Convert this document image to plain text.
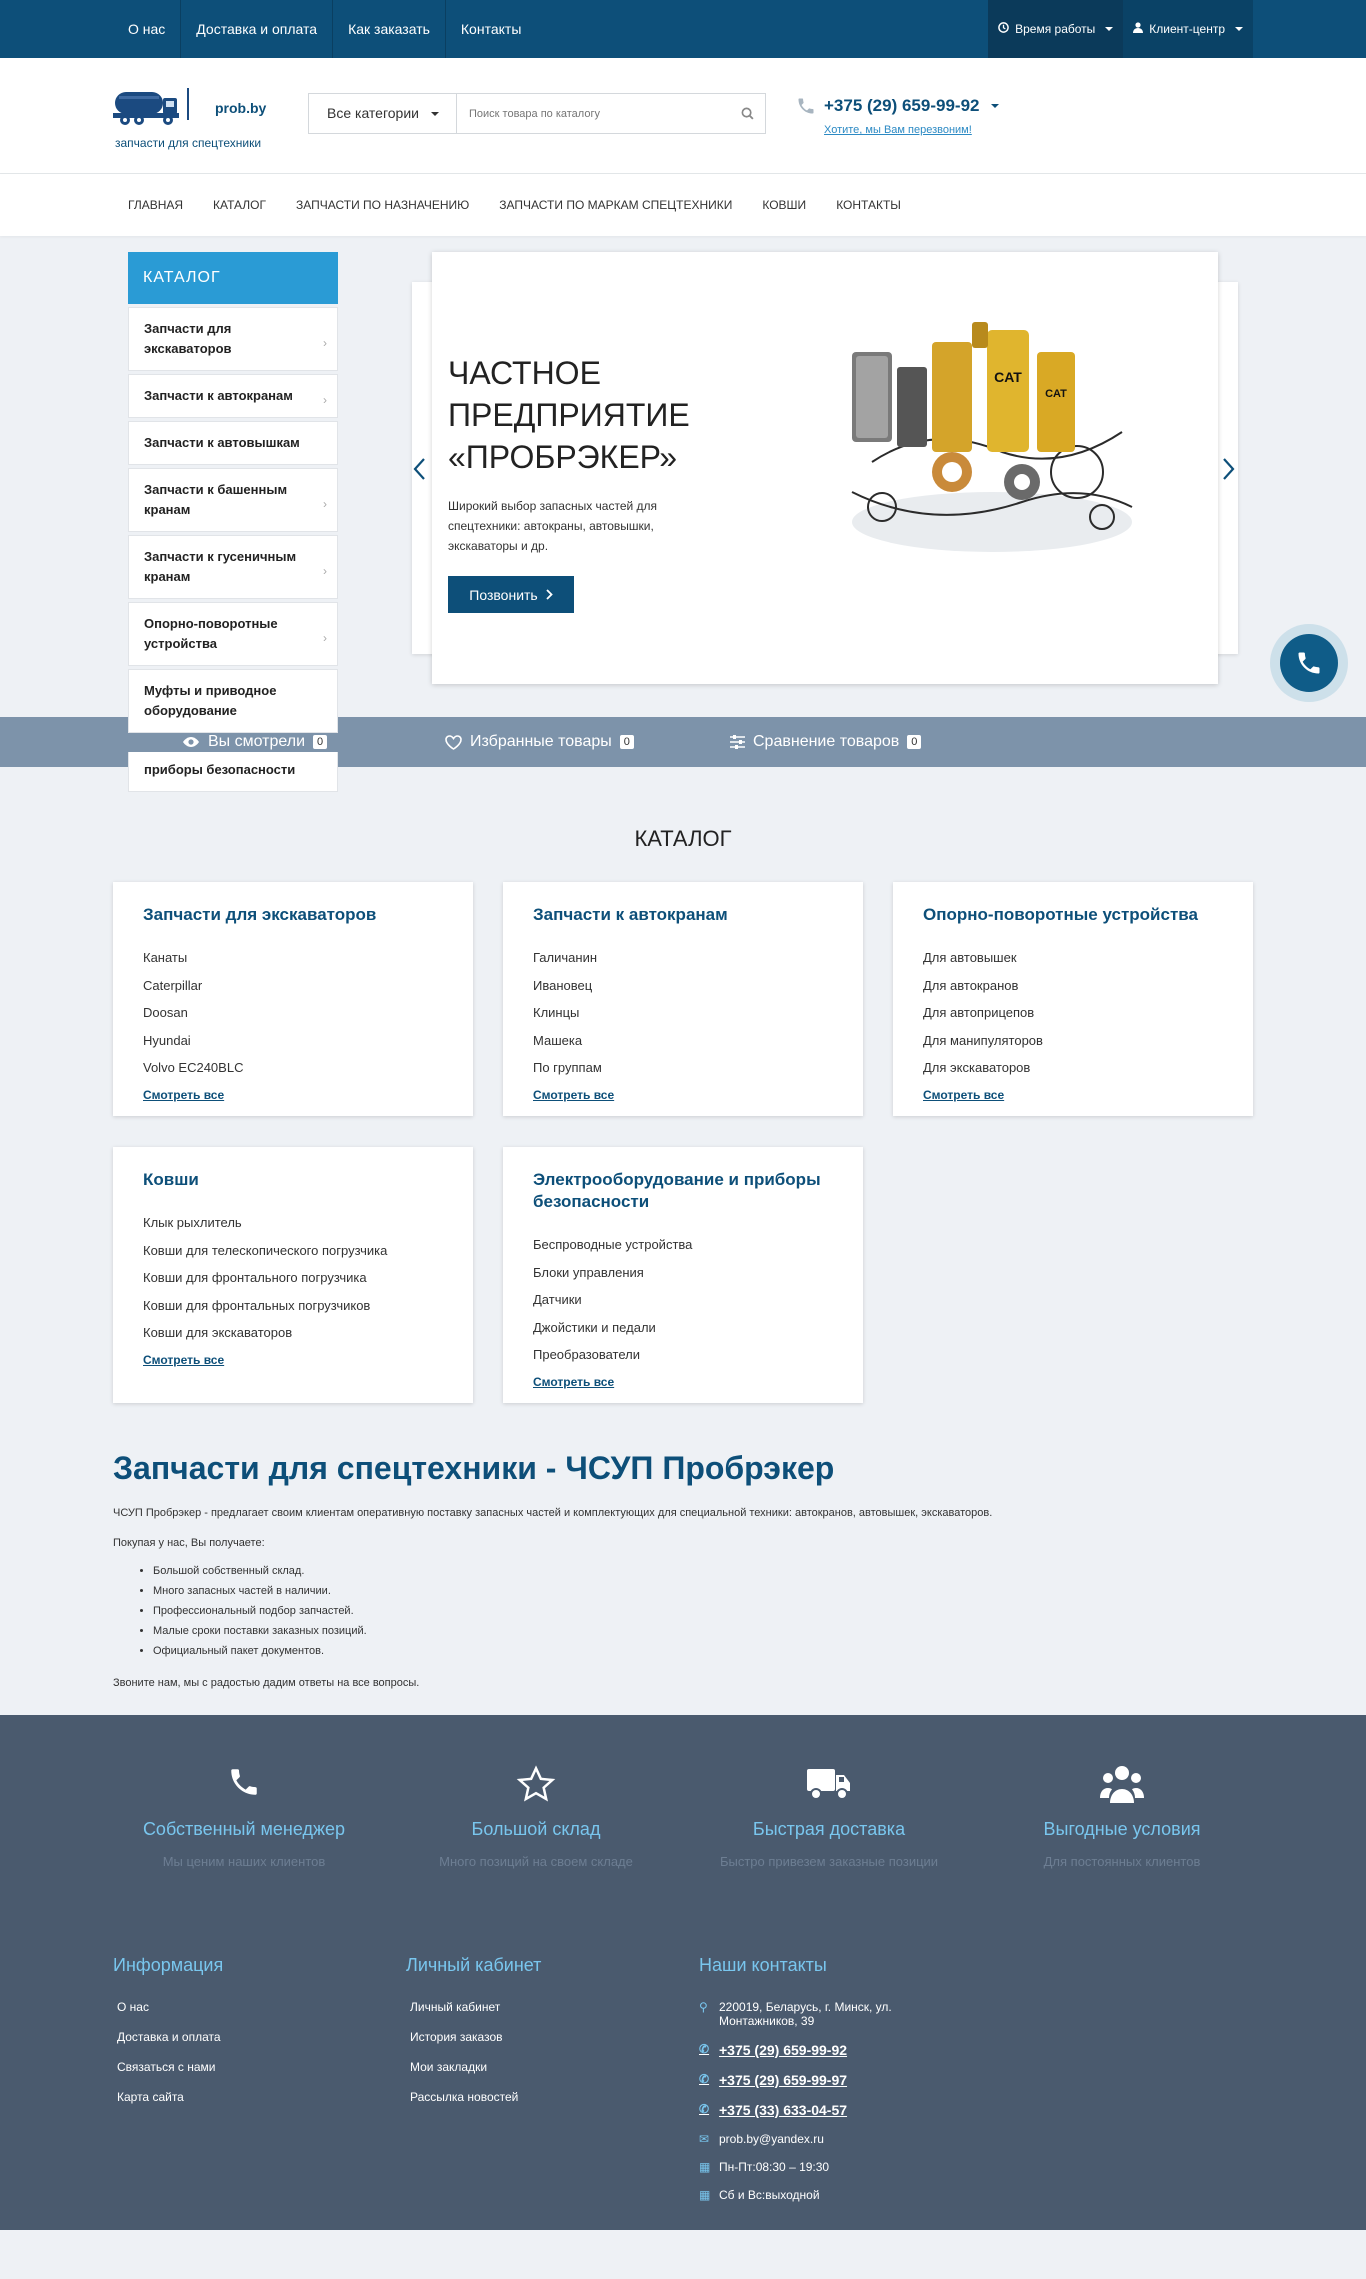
О нас	Доставка и оплата	Как заказать	Контакты	Время работы	Клиент-центр
prob.by
запчасти для спецтехники
Все категории
Поиск товара по каталогу	+375 (29) 659-99-92
Хотите, мы Вам перезвоним!
ГЛАВНАЯ	КАТАЛОГ	ЗАПЧАСТИ ПО НАЗНАЧЕНИЮ	ЗАПЧАСТИ ПО МАРКАМ СПЕЦТЕХНИКИ	КОВШИ	КОНТАКТЫ
ЧАСТНОЕ ПРЕДПРИЯТИЕ «ПРОБРЭКЕР»

Широкий выбор запасных частей для спецтехники: автокраны, автовышки, экскаваторы и др.

Позвонить
CAT
CAT
Вы смотрели	0	Избранные товары	0	Сравнение товаров	0
КАТАЛОГ
Запчасти для экскаваторов	›
Запчасти к автокранам	›
Запчасти к автовышкам
Запчасти к башенным кранам	›
Запчасти к гусеничным кранам	›
Опорно-поворотные устройства	›
Муфты и приводное оборудование
приборы безопасности
КАТАЛОГ
Запчасти для экскаваторов
Канаты
Caterpillar
Doosan
Hyundai
Volvo EC240BLC
Смотреть все
Запчасти к автокранам
Галичанин
Ивановец
Клинцы
Машека
По группам
Смотреть все
Опорно-поворотные устройства
Для автовышек
Для автокранов
Для автоприцепов
Для манипуляторов
Для экскаваторов
Смотреть все
Ковши
Клык рыхлитель
Ковши для телескопического погрузчика
Ковши для фронтального погрузчика
Ковши для фронтальных погрузчиков
Ковши для экскаваторов
Смотреть все
Электрооборудование и приборы безопасности
Беспроводные устройства
Блоки управления
Датчики
Джойстики и педали
Преобразователи
Смотреть все
Запчасти для спецтехники - ЧСУП Пробрэкер

ЧСУП Пробрэкер - предлагает своим клиентам оперативную поставку запасных частей и комплектующих для специальной техники: автокранов, автовышек, экскаваторов.

Покупая у нас, Вы получаете:

• Большой собственный склад.
• Много запасных частей в наличии.
• Профессиональный подбор запчастей.
• Малые сроки поставки заказных позиций.
• Официальный пакет документов.

Звоните нам, мы с радостью дадим ответы на все вопросы.

Собственный менеджер
Мы ценим наших клиентов
Большой склад
Много позиций на своем складе
Быстрая доставка
Быстро привезем заказные позиции
Выгодные условия
Для постоянных клиентов
Информация
О нас
Доставка и оплата
Связаться с нами
Карта сайта
Личный кабинет
Личный кабинет
История заказов
Мои закладки
Рассылка новостей
Наши контакты
⚲ 220019, Беларусь, г. Минск, ул. Монтажников, 39
✆ +375 (29) 659-99-92
✆ +375 (29) 659-99-97
✆ +375 (33) 633-04-57
✉ prob.by@yandex.ru
▦ Пн-Пт:08:30 – 19:30
▦ Сб и Вс:выходной
